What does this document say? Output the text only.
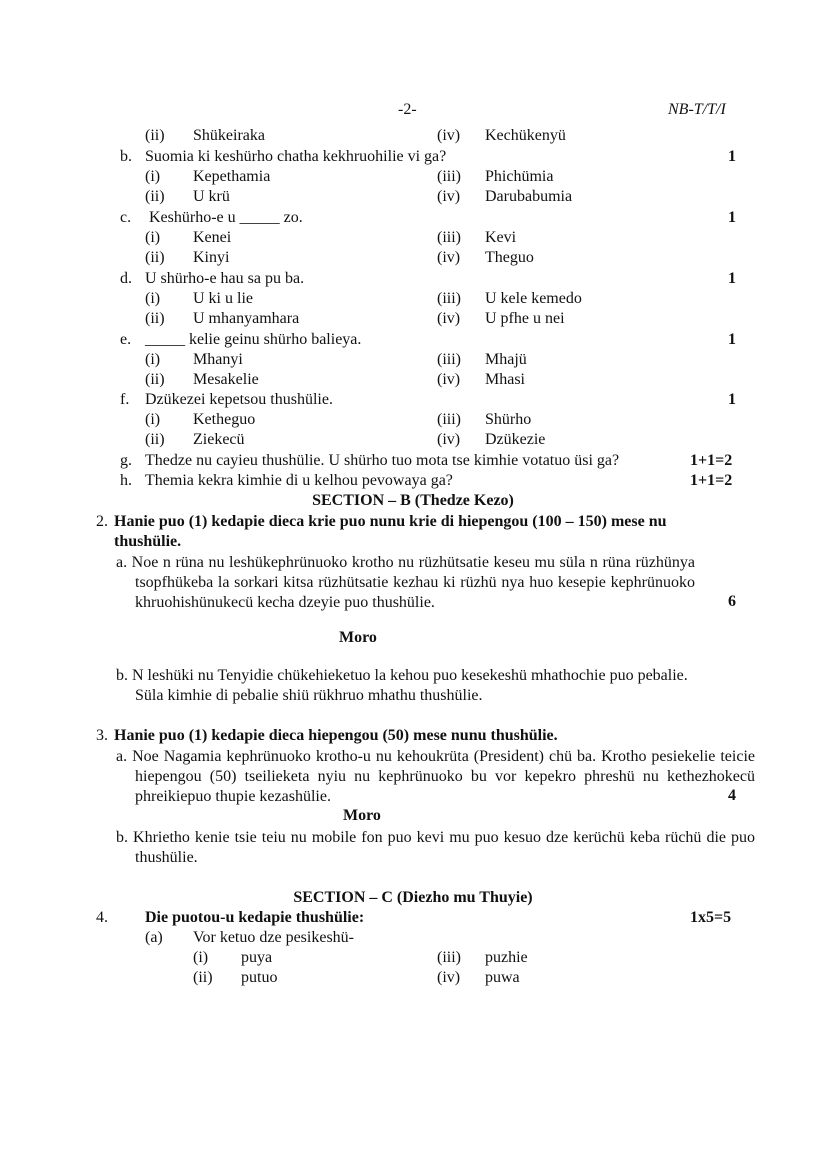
-2-	NB-T/T/I
(ii) Shükeiraka	(iv) Kechükenyü
b. Suomia ki keshürho chatha kekhruohilie vi ga?	1
(i) Kepethamia	(iii) Phichümia
(ii) U krü	(iv) Darubabumia
c. Keshürho-e u _____ zo.	1
(i) Kenei	(iii) Kevi
(ii) Kinyi	(iv) Theguo
d. U shürho-e hau sa pu ba.	1
(i) U ki u lie	(iii) U kele kemedo
(ii) U mhanyamhara	(iv) U pfhe u nei
e. _____ kelie geinu shürho balieya.	1
(i) Mhanyi	(iii) Mhajü
(ii) Mesakelie	(iv) Mhasi
f. Dzükezei kepetsou thushülie.	1
(i) Ketheguo	(iii) Shürho
(ii) Ziekecü	(iv) Dzükezie
g. Thedze nu cayieu thushülie. U shürho tuo mota tse kimhie votatuo üsi ga?	1+1=2
h. Themia kekra kimhie di u kelhou pevowaya ga?	1+1=2
SECTION – B (Thedze Kezo)
2. Hanie puo (1) kedapie dieca krie puo nunu krie di hiepengou (100 – 150) mese nu thushülie.
a. Noe n rüna nu leshükephrünuoko krotho nu rüzhütsatie keseu mu süla n rüna rüzhünya tsopfhükeba la sorkari kitsa rüzhütsatie kezhau ki rüzhü nya huo kesepie kephrünuoko khruohishünukecü kecha dzeyie puo thushülie.	6
Moro
b. N leshüki nu Tenyidie chükehieketuo la kehou puo kesekeshü mhathochie puo pebalie. Süla kimhie di pebalie shiü rükhruo mhathu thushülie.
3. Hanie puo (1) kedapie dieca hiepengou (50) mese nunu thushülie.
a. Noe Nagamia kephrünuoko krotho-u nu kehoukrüta (President) chü ba. Krotho pesiekelie teicie hiepengou (50) tseilieketa nyiu nu kephrünuoko bu vor kepekro phreshü nu kethezhokecü phreikiepuo thupie kezashülie.	4
Moro
b. Khrietho kenie tsie teiu nu mobile fon puo kevi mu puo kesuo dze kerüchü keba rüchü die puo thushülie.
SECTION – C (Diezho mu Thuyie)
4. Die puotou-u kedapie thushülie:	1x5=5
(a) Vor ketuo dze pesikeshü-
(i) puya	(iii) puzhie
(ii) putuo	(iv) puwa
